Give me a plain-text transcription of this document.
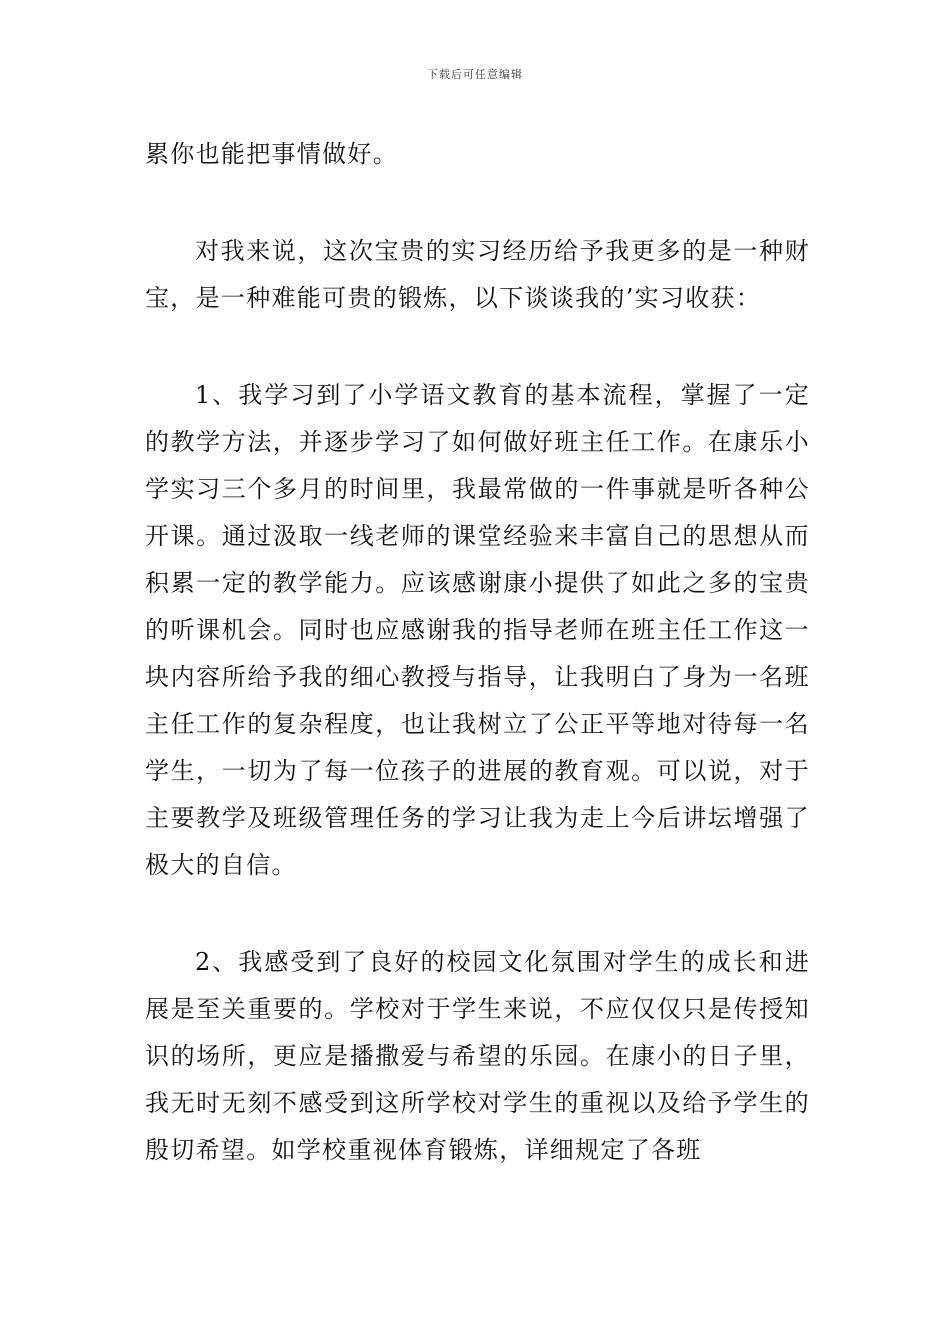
下载后可任意编辑

累你也能把事情做好。

对我来说，这次宝贵的实习经历给予我更多的是一种财宝，是一种难能可贵的锻炼，以下谈谈我的’实习收获：

1、我学习到了小学语文教育的基本流程，掌握了一定的教学方法，并逐步学习了如何做好班主任工作。在康乐小学实习三个多月的时间里，我最常做的一件事就是听各种公开课。通过汲取一线老师的课堂经验来丰富自己的思想从而积累一定的教学能力。应该感谢康小提供了如此之多的宝贵的听课机会。同时也应感谢我的指导老师在班主任工作这一块内容所给予我的细心教授与指导，让我明白了身为一名班主任工作的复杂程度，也让我树立了公正平等地对待每一名学生，一切为了每一位孩子的进展的教育观。可以说，对于主要教学及班级管理任务的学习让我为走上今后讲坛增强了极大的自信。

2、我感受到了良好的校园文化氛围对学生的成长和进展是至关重要的。学校对于学生来说，不应仅仅只是传授知识的场所，更应是播撒爱与希望的乐园。在康小的日子里，我无时无刻不感受到这所学校对学生的重视以及给予学生的殷切希望。如学校重视体育锻炼，详细规定了各班
